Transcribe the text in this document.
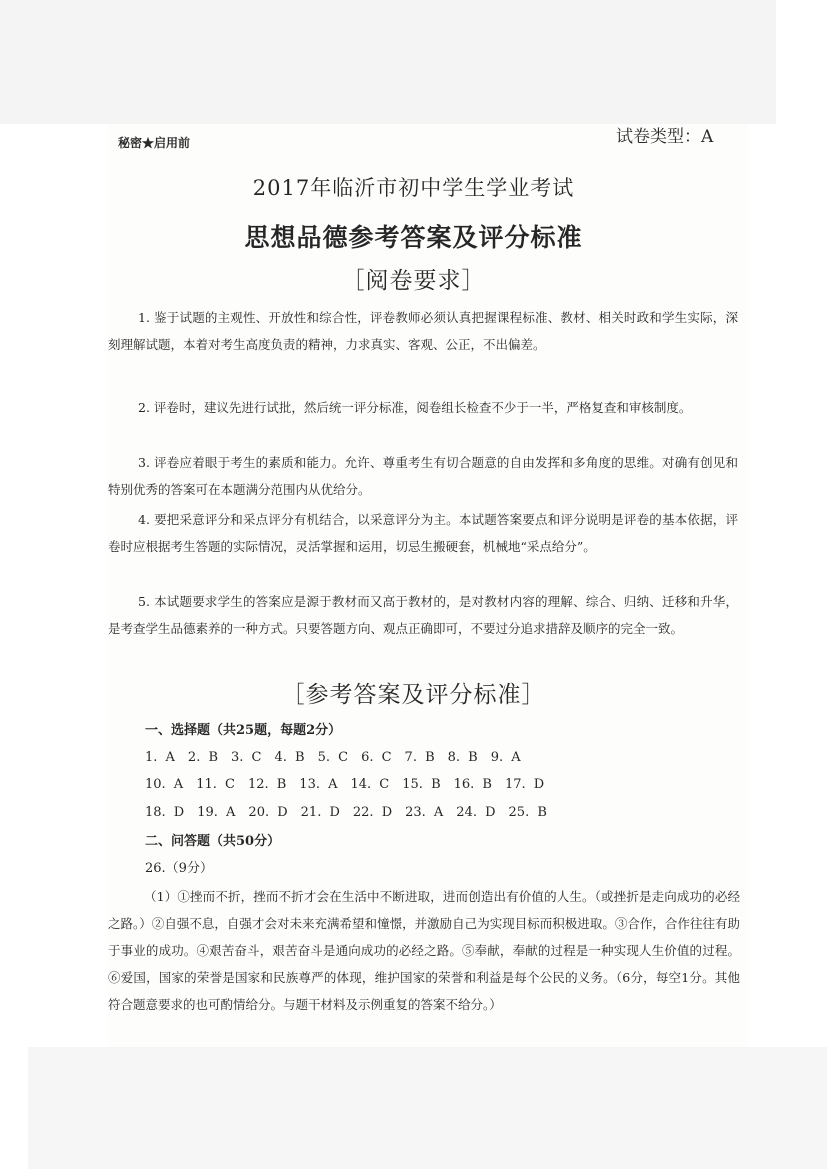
秘密★启用前	试卷类型：A
2017年临沂市初中学生学业考试
思想品德参考答案及评分标准
［阅卷要求］
1. 鉴于试题的主观性、开放性和综合性，评卷教师必须认真把握课程标准、教材、相关时政和学生实际，深刻理解试题，本着对考生高度负责的精神，力求真实、客观、公正，不出偏差。
2. 评卷时，建议先进行试批，然后统一评分标准，阅卷组长检查不少于一半，严格复查和审核制度。
3. 评卷应着眼于考生的素质和能力。允许、尊重考生有切合题意的自由发挥和多角度的思维。对确有创见和特别优秀的答案可在本题满分范围内从优给分。
4. 要把采意评分和采点评分有机结合，以采意评分为主。本试题答案要点和评分说明是评卷的基本依据，评卷时应根据考生答题的实际情况，灵活掌握和运用，切忌生搬硬套，机械地“采点给分”。
5. 本试题要求学生的答案应是源于教材而又高于教材的，是对教材内容的理解、综合、归纳、迁移和升华，是考查学生品德素养的一种方式。只要答题方向、观点正确即可，不要过分追求措辞及顺序的完全一致。
［参考答案及评分标准］
一、选择题（共25题，每题2分）
1. A　2. B　3. C　4. B　5. C　6. C　7. B　8. B　9. A
10. A　11. C　12. B　13. A　14. C　15. B　16. B　17. D
18. D　19. A　20. D　21. D　22. D　23. A　24. D　25. B
二、问答题（共50分）
26.（9分）
（1）①挫而不折，挫而不折才会在生活中不断进取，进而创造出有价值的人生。（或挫折是走向成功的必经之路。）②自强不息，自强才会对未来充满希望和憧憬，并激励自己为实现目标而积极进取。③合作，合作往往有助于事业的成功。④艰苦奋斗，艰苦奋斗是通向成功的必经之路。⑤奉献，奉献的过程是一种实现人生价值的过程。⑥爱国，国家的荣誉是国家和民族尊严的体现，维护国家的荣誉和利益是每个公民的义务。（6分，每空1分。其他符合题意要求的也可酌情给分。与题干材料及示例重复的答案不给分。）
